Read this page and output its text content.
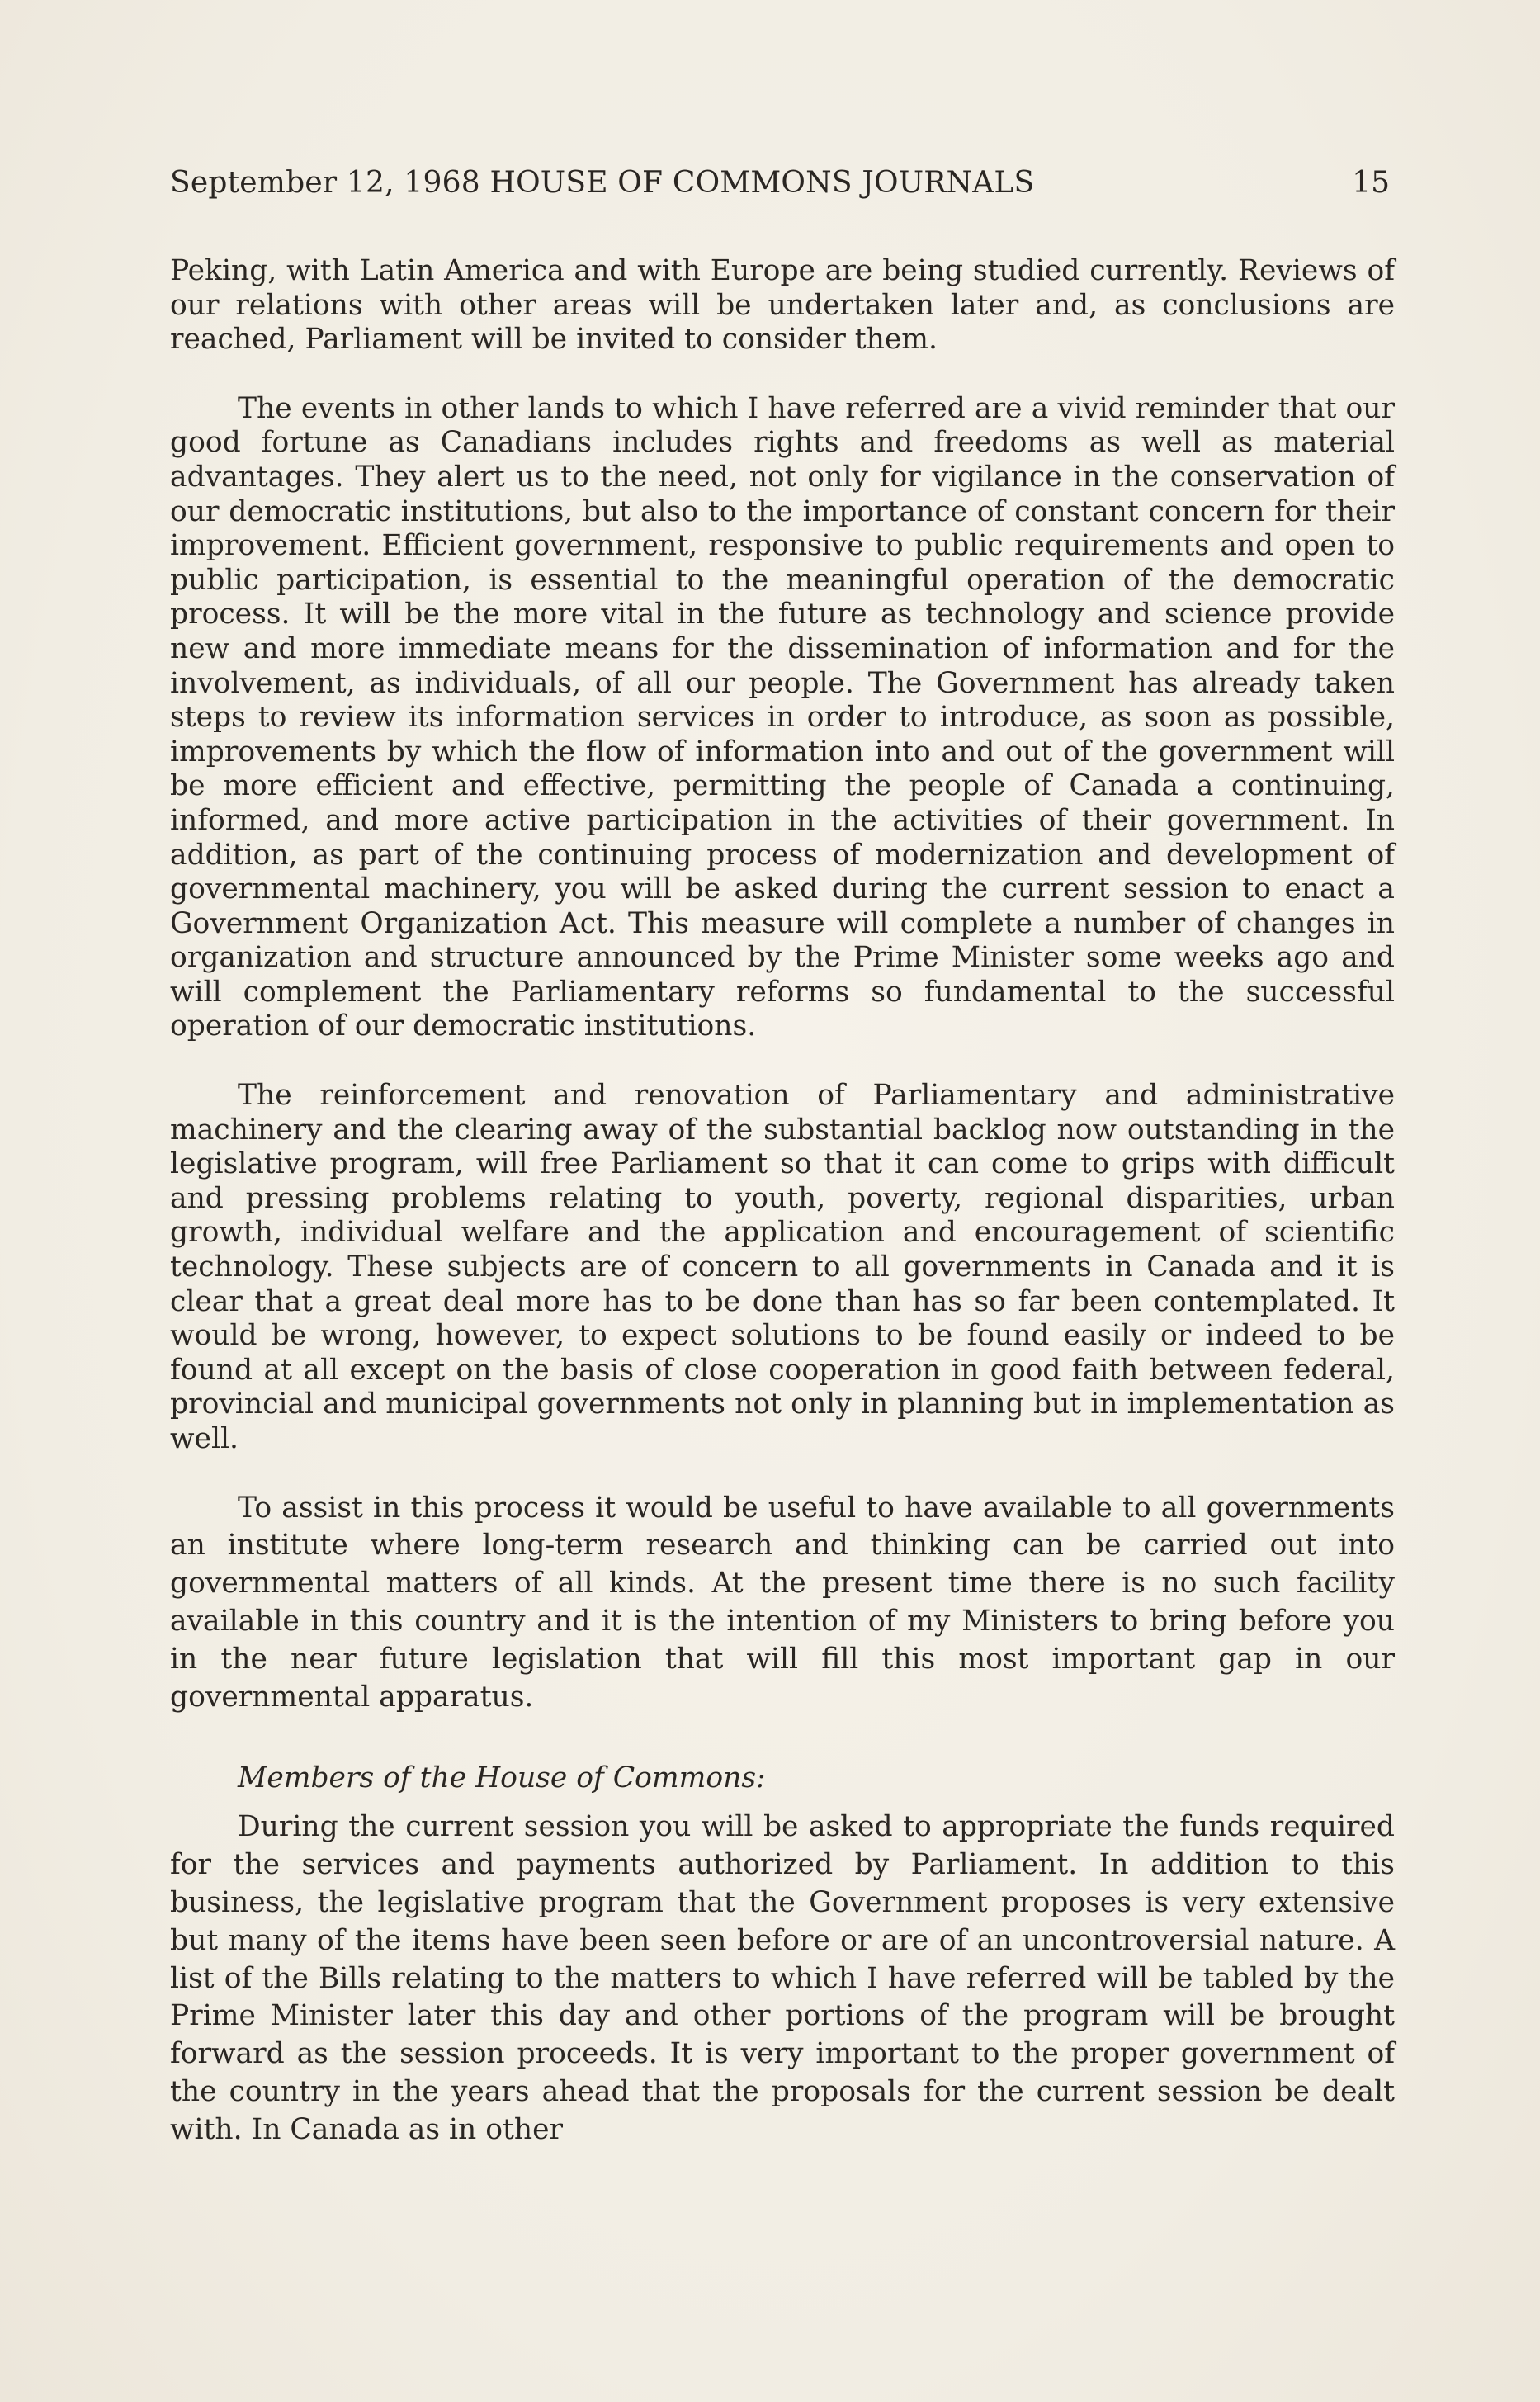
September 12, 1968 HOUSE OF COMMONS JOURNALS	15

Peking, with Latin America and with Europe are being studied currently. Reviews of our relations with other areas will be undertaken later and, as conclusions are reached, Parliament will be invited to consider them.

The events in other lands to which I have referred are a vivid reminder that our good fortune as Canadians includes rights and freedoms as well as material advantages. They alert us to the need, not only for vigilance in the conservation of our democratic institutions, but also to the importance of constant concern for their improvement. Efficient government, responsive to public requirements and open to public participation, is essential to the meaningful operation of the democratic process. It will be the more vital in the future as technology and science provide new and more immediate means for the dissemination of information and for the involvement, as individuals, of all our people. The Government has already taken steps to review its information services in order to introduce, as soon as possible, improvements by which the flow of information into and out of the government will be more efficient and effective, permitting the people of Canada a continuing, informed, and more active participation in the activities of their government. In addition, as part of the continuing process of modernization and development of governmental machinery, you will be asked during the current session to enact a Government Organization Act. This measure will complete a number of changes in organization and structure announced by the Prime Minister some weeks ago and will complement the Parliamentary reforms so fundamental to the successful operation of our democratic institutions.

The reinforcement and renovation of Parliamentary and administrative machinery and the clearing away of the substantial backlog now outstanding in the legislative program, will free Parliament so that it can come to grips with difficult and pressing problems relating to youth, poverty, regional disparities, urban growth, individual welfare and the application and encouragement of scientific technology. These subjects are of concern to all governments in Canada and it is clear that a great deal more has to be done than has so far been contemplated. It would be wrong, however, to expect solutions to be found easily or indeed to be found at all except on the basis of close cooperation in good faith between federal, provincial and municipal governments not only in planning but in implementation as well.

To assist in this process it would be useful to have available to all governments an institute where long-term research and thinking can be carried out into governmental matters of all kinds. At the present time there is no such facility available in this country and it is the intention of my Ministers to bring before you in the near future legislation that will fill this most important gap in our governmental apparatus.

Members of the House of Commons:

During the current session you will be asked to appropriate the funds required for the services and payments authorized by Parliament. In addition to this business, the legislative program that the Government proposes is very extensive but many of the items have been seen before or are of an uncontroversial nature. A list of the Bills relating to the matters to which I have referred will be tabled by the Prime Minister later this day and other portions of the program will be brought forward as the session proceeds. It is very important to the proper government of the country in the years ahead that the proposals for the current session be dealt with. In Canada as in other
